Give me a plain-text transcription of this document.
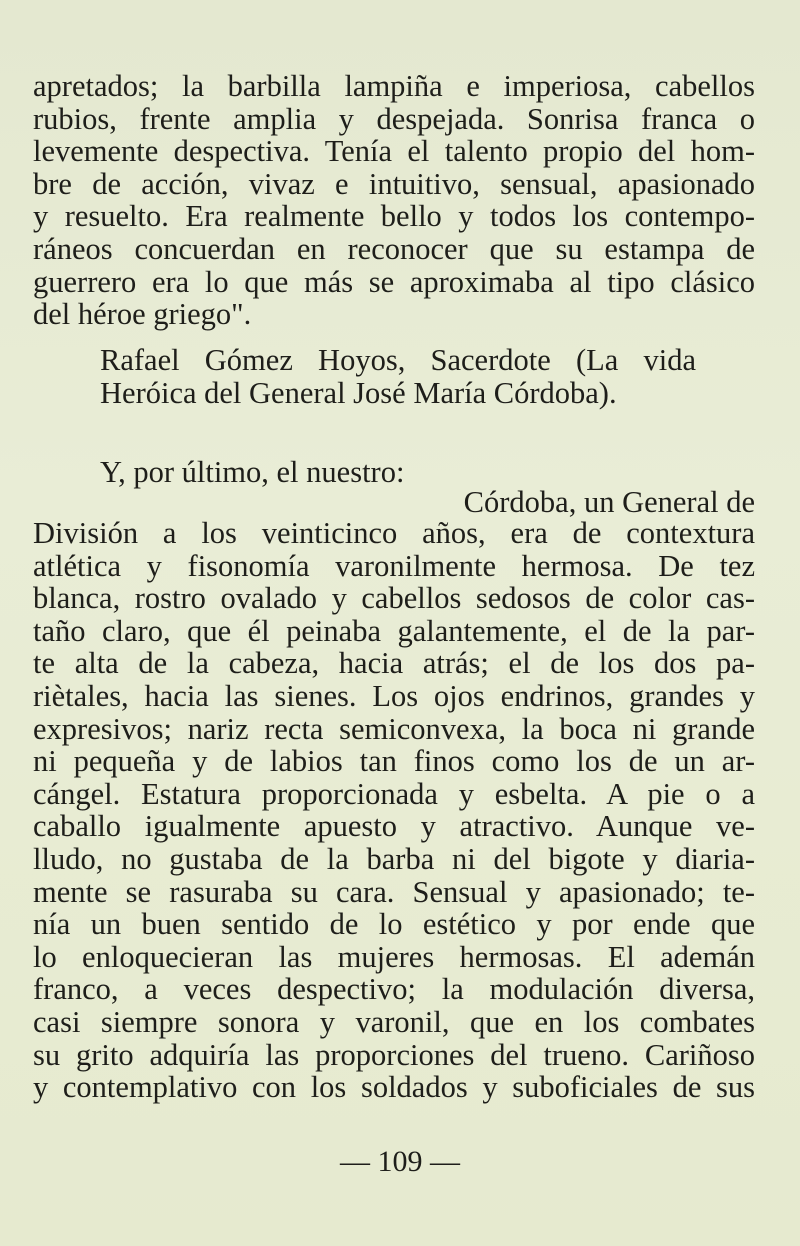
apretados; la barbilla lampiña e imperiosa, cabellos
rubios, frente amplia y despejada. Sonrisa franca o
levemente despectiva. Tenía el talento propio del hom-
bre de acción, vivaz e intuitivo, sensual, apasionado
y resuelto. Era realmente bello y todos los contempo-
ráneos concuerdan en reconocer que su estampa de
guerrero era lo que más se aproximaba al tipo clásico
del héroe griego".
Rafael Gómez Hoyos, Sacerdote (La vida
Heróica del General José María Córdoba).
Y, por último, el nuestro:
Córdoba, un General de
División a los veinticinco años, era de contextura
atlética y fisonomía varonilmente hermosa. De tez
blanca, rostro ovalado y cabellos sedosos de color cas-
taño claro, que él peinaba galantemente, el de la par-
te alta de la cabeza, hacia atrás; el de los dos pa-
riètales, hacia las sienes. Los ojos endrinos, grandes y
expresivos; nariz recta semiconvexa, la boca ni grande
ni pequeña y de labios tan finos como los de un ar-
cángel. Estatura proporcionada y esbelta. A pie o a
caballo igualmente apuesto y atractivo. Aunque ve-
lludo, no gustaba de la barba ni del bigote y diaria-
mente se rasuraba su cara. Sensual y apasionado; te-
nía un buen sentido de lo estético y por ende que
lo enloquecieran las mujeres hermosas. El ademán
franco, a veces despectivo; la modulación diversa,
casi siempre sonora y varonil, que en los combates
su grito adquiría las proporciones del trueno. Cariñoso
y contemplativo con los soldados y suboficiales de sus
— 109 —
